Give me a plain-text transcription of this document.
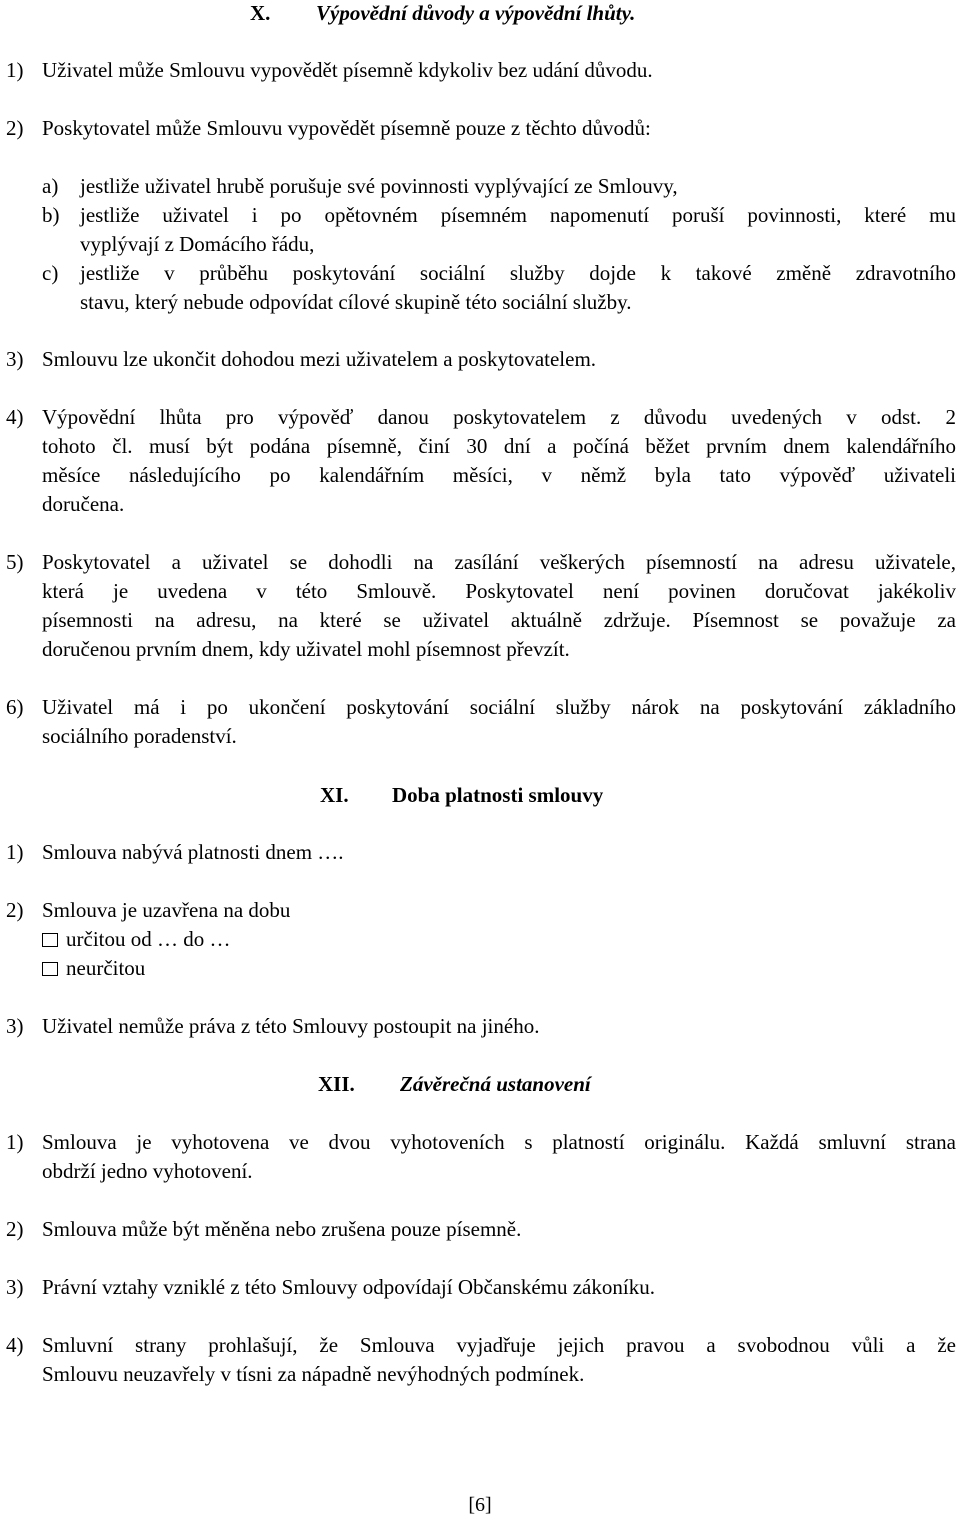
X. Výpovědní důvody a výpovědní lhůty.
1) Uživatel může Smlouvu vypovědět písemně kdykoliv bez udání důvodu.
2) Poskytovatel může Smlouvu vypovědět písemně pouze z těchto důvodů:
a) jestliže uživatel hrubě porušuje své povinnosti vyplývající ze Smlouvy,
b) jestliže uživatel i po opětovném písemném napomenutí poruší povinnosti, které mu
vyplývají z Domácího řádu,
c) jestliže v průběhu poskytování sociální služby dojde k takové změně zdravotního
stavu, který nebude odpovídat cílové skupině této sociální služby.
3) Smlouvu lze ukončit dohodou mezi uživatelem a poskytovatelem.
4) Výpovědní lhůta pro výpověď danou poskytovatelem z důvodu uvedených v odst. 2
tohoto čl. musí být podána písemně, činí 30 dní a počíná běžet prvním dnem kalendářního
měsíce následujícího po kalendářním měsíci, v němž byla tato výpověď uživateli
doručena.
5) Poskytovatel a uživatel se dohodli na zasílání veškerých písemností na adresu uživatele,
která je uvedena v této Smlouvě. Poskytovatel není povinen doručovat jakékoliv
písemnosti na adresu, na které se uživatel aktuálně zdržuje. Písemnost se považuje za
doručenou prvním dnem, kdy uživatel mohl písemnost převzít.
6) Uživatel má i po ukončení poskytování sociální služby nárok na poskytování základního
sociálního poradenství.
XI. Doba platnosti smlouvy
1) Smlouva nabývá platnosti dnem ….
2) Smlouva je uzavřena na dobu
určitou od … do …
neurčitou
3) Uživatel nemůže práva z této Smlouvy postoupit na jiného.
XII. Závěrečná ustanovení
1) Smlouva je vyhotovena ve dvou vyhotoveních s platností originálu. Každá smluvní strana
obdrží jedno vyhotovení.
2) Smlouva může být měněna nebo zrušena pouze písemně.
3) Právní vztahy vzniklé z této Smlouvy odpovídají Občanskému zákoníku.
4) Smluvní strany prohlašují, že Smlouva vyjadřuje jejich pravou a svobodnou vůli a že
Smlouvu neuzavřely v tísni za nápadně nevýhodných podmínek.
[6]
